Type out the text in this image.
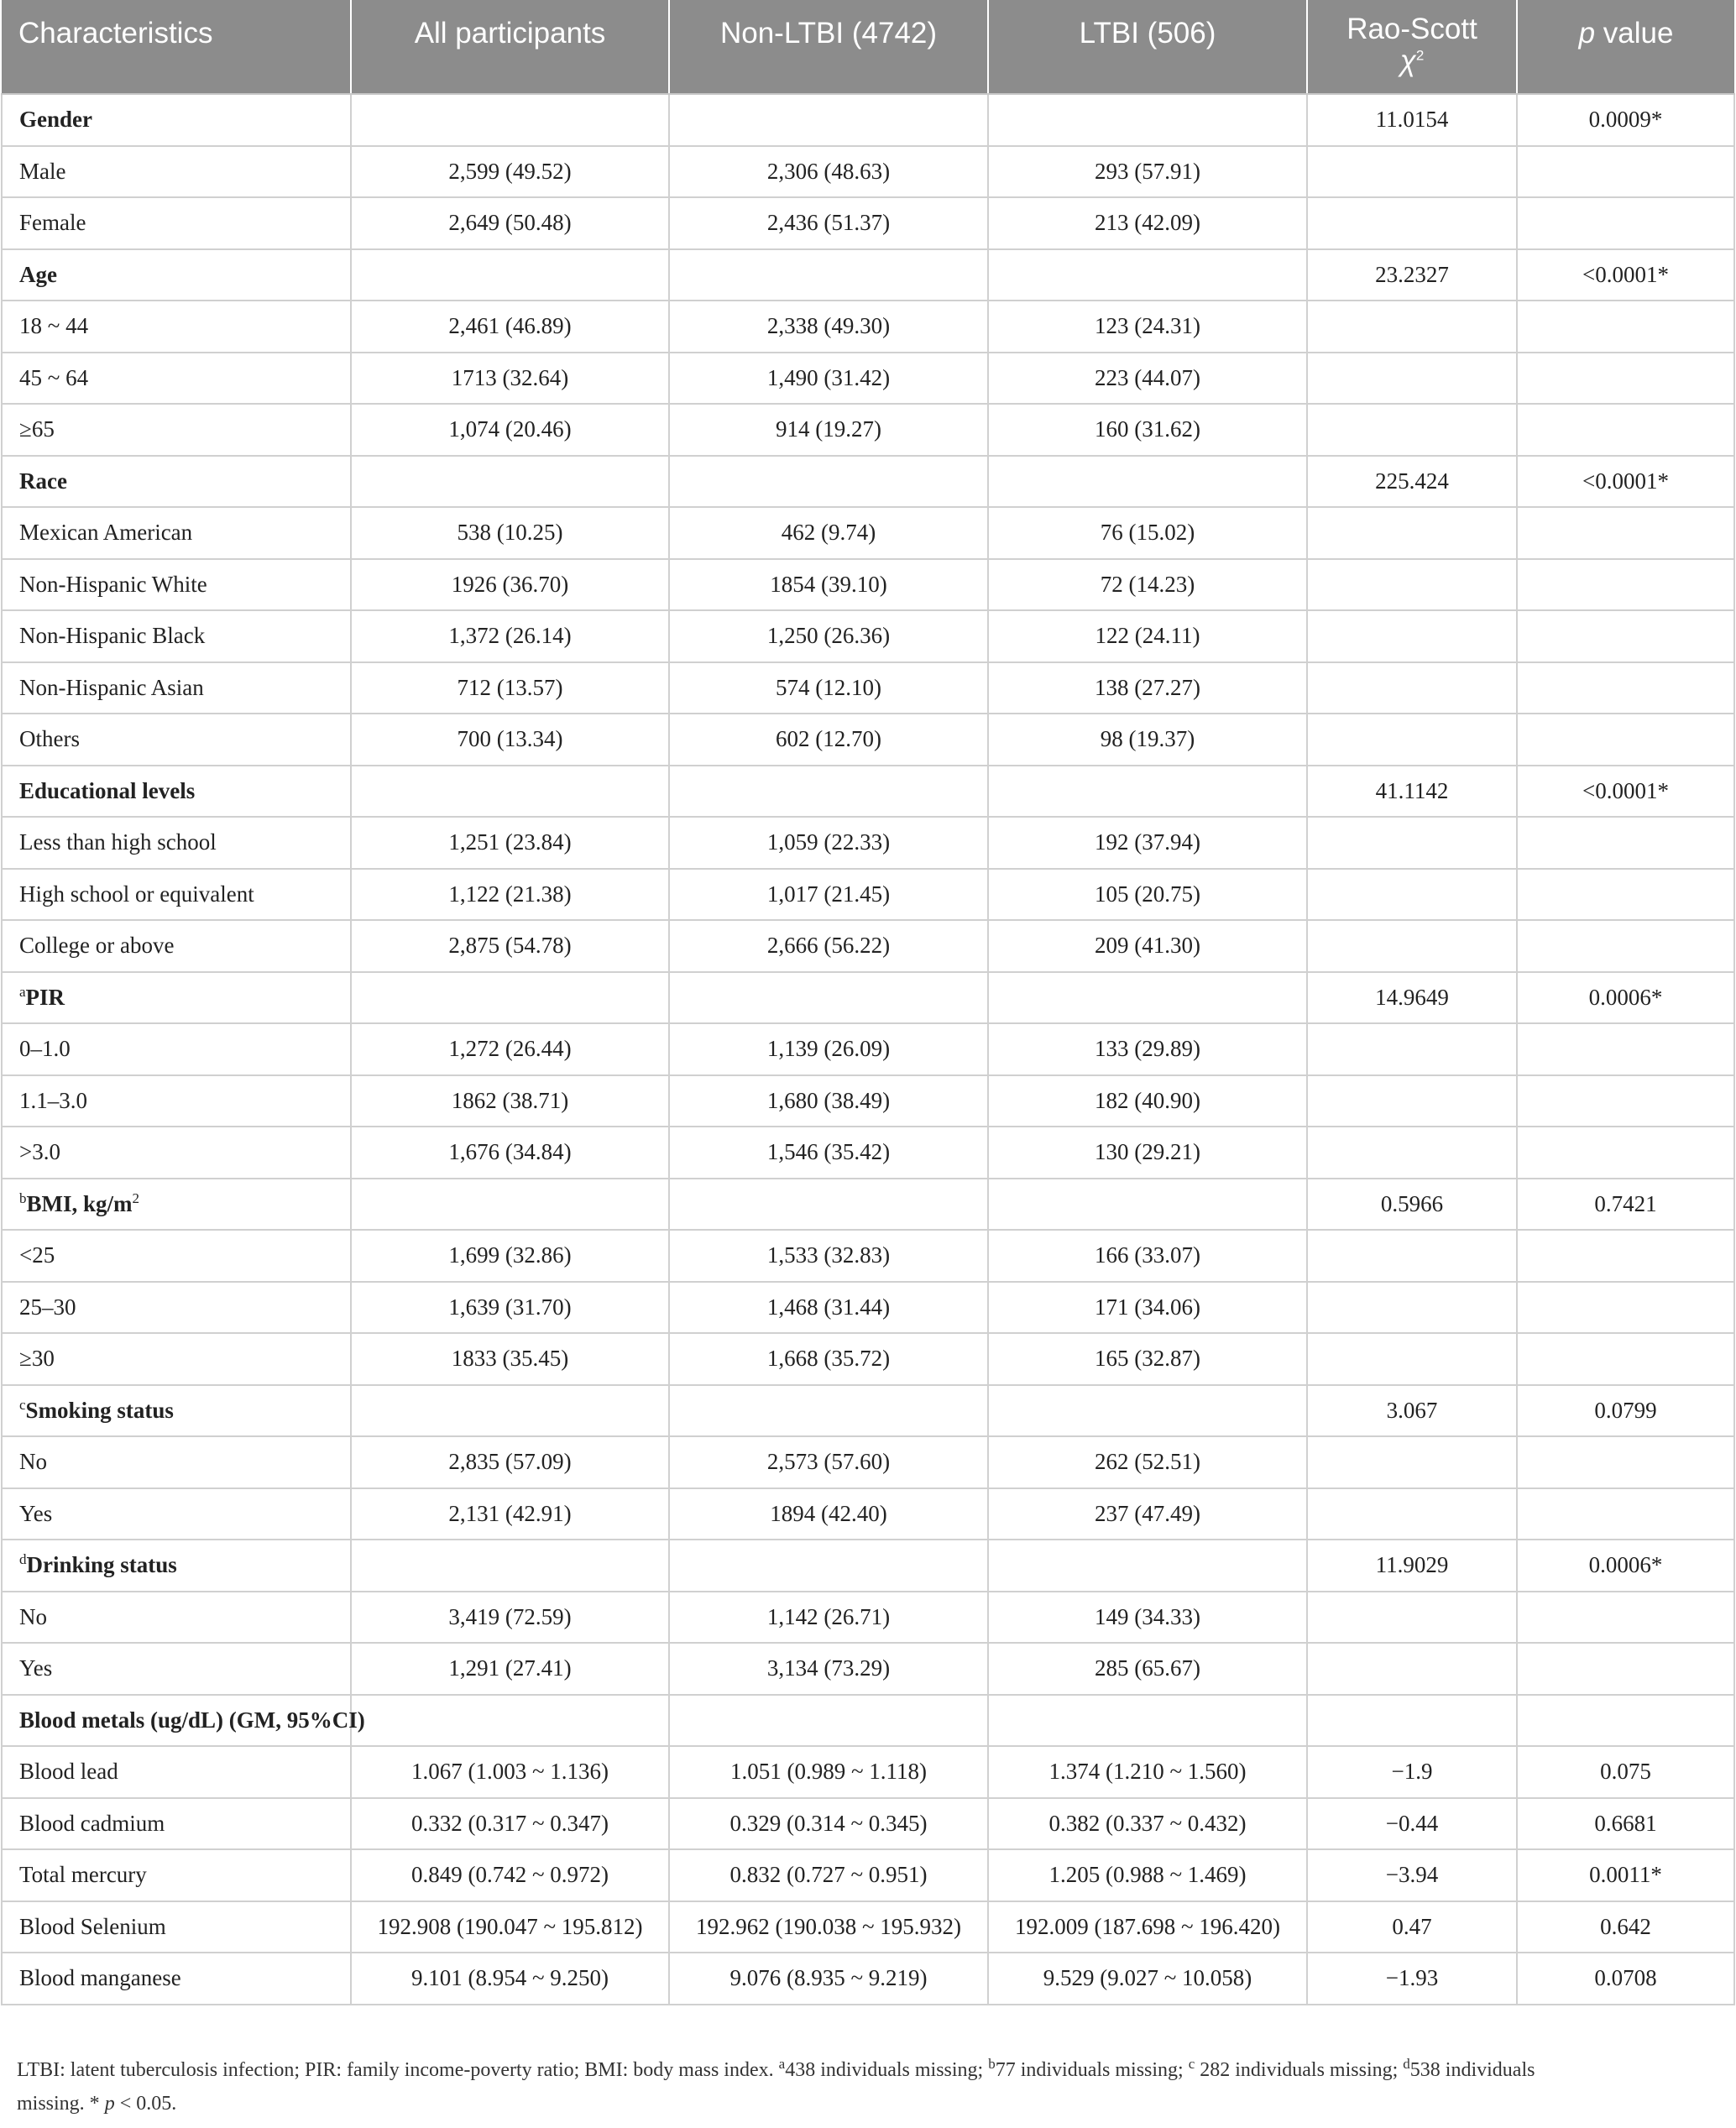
Characteristics	All participants	Non-LTBI (4742)	LTBI (506)	Rao-Scott
$\chi^2$	p value
Gender				11.0154	0.0009*
Male	2,599 (49.52)	2,306 (48.63)	293 (57.91)		
Female	2,649 (50.48)	2,436 (51.37)	213 (42.09)		
Age				23.2327	<0.0001*
18 ~ 44	2,461 (46.89)	2,338 (49.30)	123 (24.31)		
45 ~ 64	1713 (32.64)	1,490 (31.42)	223 (44.07)		
≥65	1,074 (20.46)	914 (19.27)	160 (31.62)		
Race				225.424	<0.0001*
Mexican American	538 (10.25)	462 (9.74)	76 (15.02)		
Non-Hispanic White	1926 (36.70)	1854 (39.10)	72 (14.23)		
Non-Hispanic Black	1,372 (26.14)	1,250 (26.36)	122 (24.11)		
Non-Hispanic Asian	712 (13.57)	574 (12.10)	138 (27.27)		
Others	700 (13.34)	602 (12.70)	98 (19.37)		
Educational levels				41.1142	<0.0001*
Less than high school	1,251 (23.84)	1,059 (22.33)	192 (37.94)		
High school or equivalent	1,122 (21.38)	1,017 (21.45)	105 (20.75)		
College or above	2,875 (54.78)	2,666 (56.22)	209 (41.30)		
$^a$PIR				14.9649	0.0006*
0–1.0	1,272 (26.44)	1,139 (26.09)	133 (29.89)		
1.1–3.0	1862 (38.71)	1,680 (38.49)	182 (40.90)		
>3.0	1,676 (34.84)	1,546 (35.42)	130 (29.21)		
$^b$BMI, $kg/m^2$				0.5966	0.7421
<25	1,699 (32.86)	1,533 (32.83)	166 (33.07)		
25–30	1,639 (31.70)	1,468 (31.44)	171 (34.06)		
≥30	1833 (35.45)	1,668 (35.72)	165 (32.87)		
$^c$Smoking status				3.067	0.0799
No	2,835 (57.09)	2,573 (57.60)	262 (52.51)		
Yes	2,131 (42.91)	1894 (42.40)	237 (47.49)		
$^d$Drinking status				11.9029	0.0006*
No	3,419 (72.59)	1,142 (26.71)	149 (34.33)		
Yes	1,291 (27.41)	3,134 (73.29)	285 (65.67)		
Blood metals (ug/dL) (GM, 95%CI)					
Blood lead	1.067 (1.003 ~ 1.136)	1.051 (0.989 ~ 1.118)	1.374 (1.210 ~ 1.560)	−1.9	0.075
Blood cadmium	0.332 (0.317 ~ 0.347)	0.329 (0.314 ~ 0.345)	0.382 (0.337 ~ 0.432)	−0.44	0.6681
Total mercury	0.849 (0.742 ~ 0.972)	0.832 (0.727 ~ 0.951)	1.205 (0.988 ~ 1.469)	−3.94	0.0011*
Blood Selenium	192.908 (190.047 ~ 195.812)	192.962 (190.038 ~ 195.932)	192.009 (187.698 ~ 196.420)	0.47	0.642
Blood manganese	9.101 (8.954 ~ 9.250)	9.076 (8.935 ~ 9.219)	9.529 (9.027 ~ 10.058)	−1.93	0.0708
LTBI: latent tuberculosis infection; PIR: family income-poverty ratio; BMI: body mass index. $^a$438 individuals missing; $^b$77 individuals missing; $^c$ 282 individuals missing; $^d$538 individuals
missing. * p < 0.05.
